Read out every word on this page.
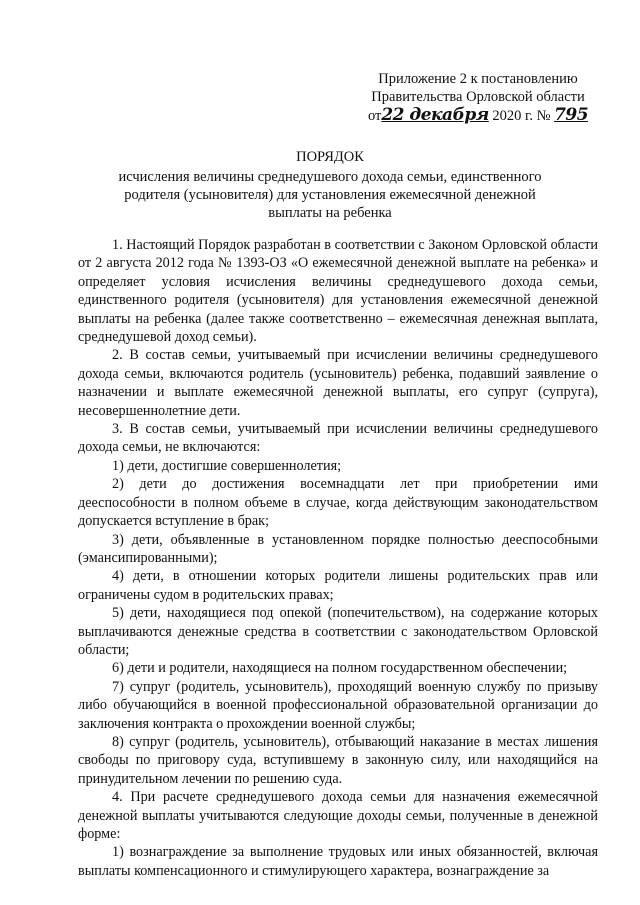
Приложение 2 к постановлению
Правительства Орловской области
от22 декабря 2020 г. № 795
ПОРЯДОК
исчисления величины среднедушевого дохода семьи, единственного родителя (усыновителя) для установления ежемесячной денежной выплаты на ребенка

1. Настоящий Порядок разработан в соответствии с Законом Орловской области от 2 августа 2012 года № 1393-ОЗ «О ежемесячной денежной выплате на ребенка» и определяет условия исчисления величины среднедушевого дохода семьи, единственного родителя (усыновителя) для установления ежемесячной денежной выплаты на ребенка (далее также соответственно – ежемесячная денежная выплата, среднедушевой доход семьи).

2. В состав семьи, учитываемый при исчислении величины среднедушевого дохода семьи, включаются родитель (усыновитель) ребенка, подавший заявление о назначении и выплате ежемесячной денежной выплаты, его супруг (супруга), несовершеннолетние дети.

3. В состав семьи, учитываемый при исчислении величины среднедушевого дохода семьи, не включаются:

1) дети, достигшие совершеннолетия;

2) дети до достижения восемнадцати лет при приобретении ими дееспособности в полном объеме в случае, когда действующим законодательством допускается вступление в брак;

3) дети, объявленные в установленном порядке полностью дееспособными (эмансипированными);

4) дети, в отношении которых родители лишены родительских прав или ограничены судом в родительских правах;

5) дети, находящиеся под опекой (попечительством), на содержание которых выплачиваются денежные средства в соответствии с законодательством Орловской области;

6) дети и родители, находящиеся на полном государственном обеспечении;

7) супруг (родитель, усыновитель), проходящий военную службу по призыву либо обучающийся в военной профессиональной образовательной организации до заключения контракта о прохождении военной службы;

8) супруг (родитель, усыновитель), отбывающий наказание в местах лишения свободы по приговору суда, вступившему в законную силу, или находящийся на принудительном лечении по решению суда.

4. При расчете среднедушевого дохода семьи для назначения ежемесячной денежной выплаты учитываются следующие доходы семьи, полученные в денежной форме:

1) вознаграждение за выполнение трудовых или иных обязанностей, включая выплаты компенсационного и стимулирующего характера, вознаграждение за
